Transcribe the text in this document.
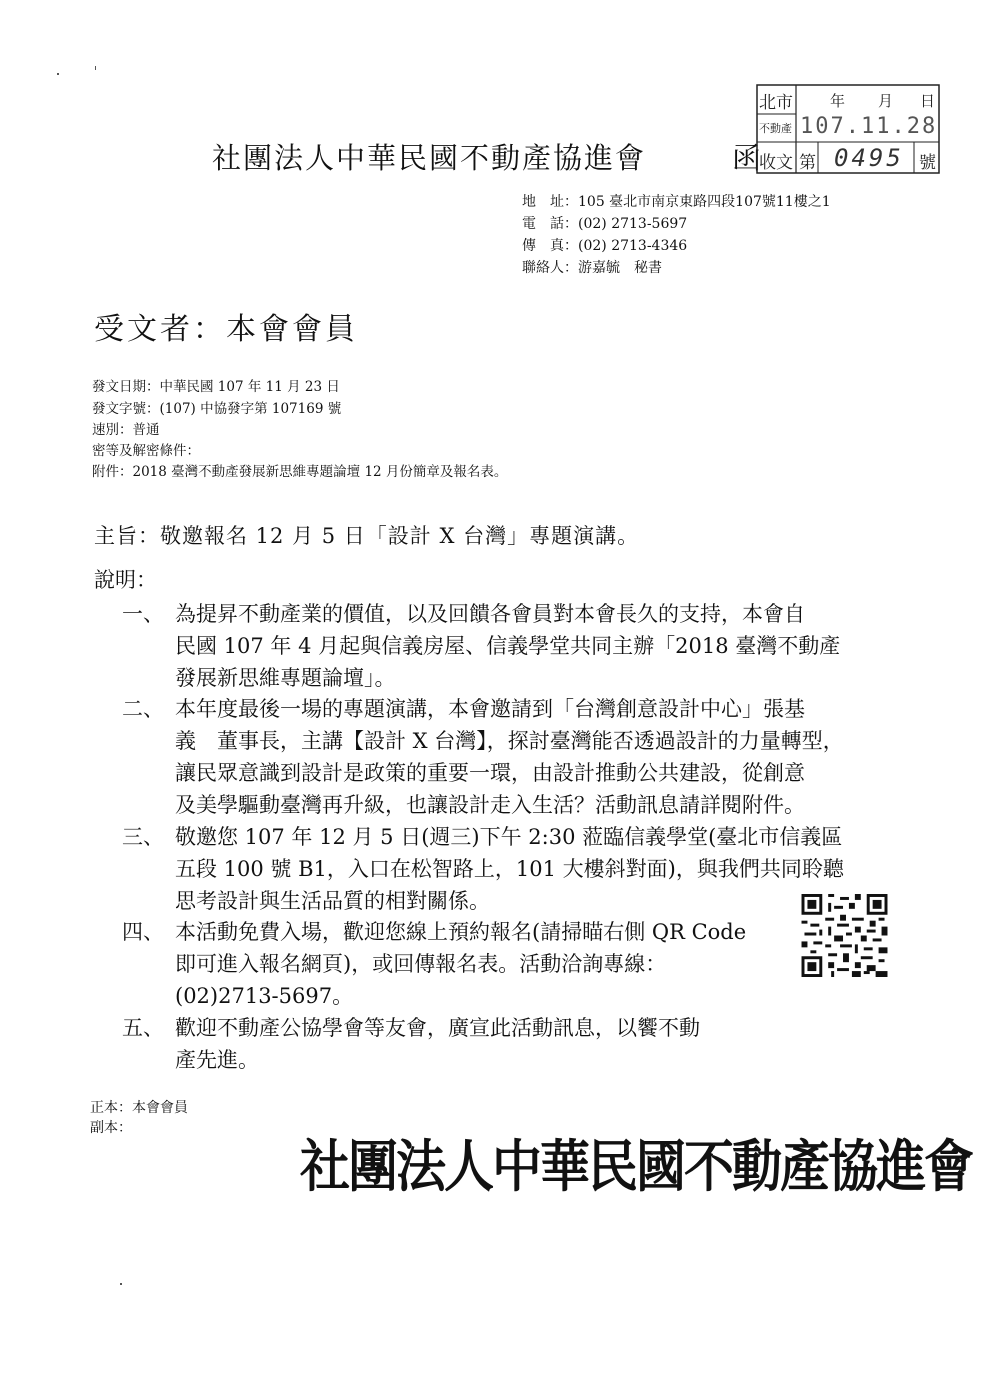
社團法人中華民國不動產協進會	函
北市
不動產
收文
年 月 日
107.11.28
第 0495 號
地　址：105 臺北市南京東路四段107號11樓之1
電　話：(02) 2713-5697
傳　真：(02) 2713-4346
聯絡人：游嘉毓　秘書
受文者：本會會員
發文日期：中華民國 107 年 11 月 23 日
發文字號：(107) 中協發字第 107169 號
速別：普通
密等及解密條件：
附件：2018 臺灣不動產發展新思維專題論壇 12 月份簡章及報名表。
主旨：敬邀報名 12 月 5 日「設計 X 台灣」專題演講。
說明：
一、 為提昇不動產業的價值，以及回饋各會員對本會長久的支持，本會自
民國 107 年 4 月起與信義房屋、信義學堂共同主辦「2018 臺灣不動產
發展新思維專題論壇」。
二、 本年度最後一場的專題演講，本會邀請到「台灣創意設計中心」張基
義　董事長，主講【設計 X 台灣】，探討臺灣能否透過設計的力量轉型，
讓民眾意識到設計是政策的重要一環，由設計推動公共建設，從創意
及美學驅動臺灣再升級，也讓設計走入生活？活動訊息請詳閱附件。
三、 敬邀您 107 年 12 月 5 日(週三)下午 2:30 蒞臨信義學堂(臺北市信義區
五段 100 號 B1，入口在松智路上，101 大樓斜對面)，與我們共同聆聽
思考設計與生活品質的相對關係。
四、 本活動免費入場，歡迎您線上預約報名(請掃瞄右側 QR Code
即可進入報名網頁)，或回傳報名表。活動洽詢專線：
(02)2713-5697。
五、 歡迎不動產公協學會等友會，廣宣此活動訊息，以饗不動
產先進。
正本：本會會員
副本：
社團法人中華民國不動產協進會
